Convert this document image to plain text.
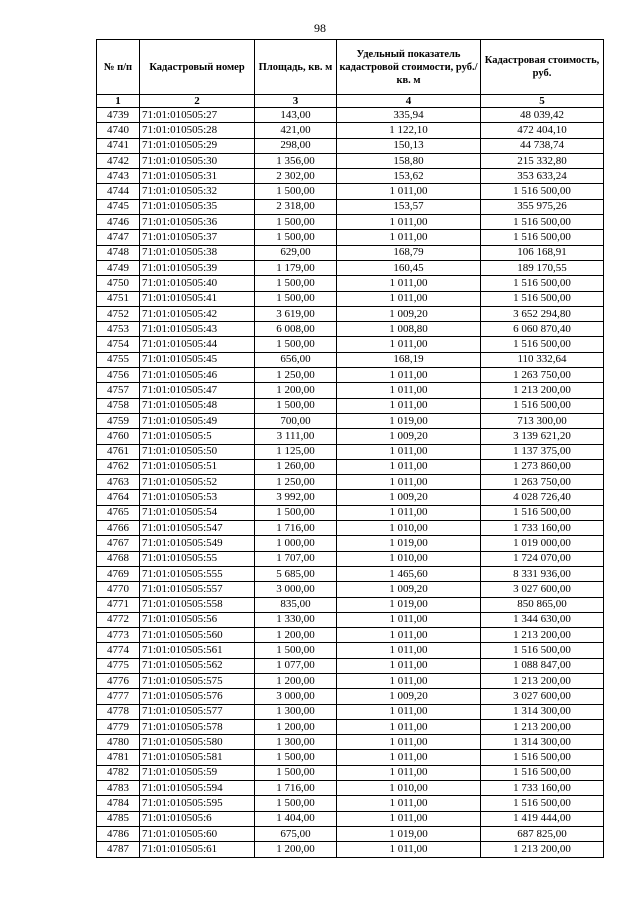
98
№ п/п	Кадастровый номер	Площадь, кв. м	Удельный показатель кадастровой стоимости, руб./кв. м	Кадастровая стоимость, руб.
1	2	3	4	5
4739	71:01:010505:27	143,00	335,94	48 039,42
4740	71:01:010505:28	421,00	1 122,10	472 404,10
4741	71:01:010505:29	298,00	150,13	44 738,74
4742	71:01:010505:30	1 356,00	158,80	215 332,80
4743	71:01:010505:31	2 302,00	153,62	353 633,24
4744	71:01:010505:32	1 500,00	1 011,00	1 516 500,00
4745	71:01:010505:35	2 318,00	153,57	355 975,26
4746	71:01:010505:36	1 500,00	1 011,00	1 516 500,00
4747	71:01:010505:37	1 500,00	1 011,00	1 516 500,00
4748	71:01:010505:38	629,00	168,79	106 168,91
4749	71:01:010505:39	1 179,00	160,45	189 170,55
4750	71:01:010505:40	1 500,00	1 011,00	1 516 500,00
4751	71:01:010505:41	1 500,00	1 011,00	1 516 500,00
4752	71:01:010505:42	3 619,00	1 009,20	3 652 294,80
4753	71:01:010505:43	6 008,00	1 008,80	6 060 870,40
4754	71:01:010505:44	1 500,00	1 011,00	1 516 500,00
4755	71:01:010505:45	656,00	168,19	110 332,64
4756	71:01:010505:46	1 250,00	1 011,00	1 263 750,00
4757	71:01:010505:47	1 200,00	1 011,00	1 213 200,00
4758	71:01:010505:48	1 500,00	1 011,00	1 516 500,00
4759	71:01:010505:49	700,00	1 019,00	713 300,00
4760	71:01:010505:5	3 111,00	1 009,20	3 139 621,20
4761	71:01:010505:50	1 125,00	1 011,00	1 137 375,00
4762	71:01:010505:51	1 260,00	1 011,00	1 273 860,00
4763	71:01:010505:52	1 250,00	1 011,00	1 263 750,00
4764	71:01:010505:53	3 992,00	1 009,20	4 028 726,40
4765	71:01:010505:54	1 500,00	1 011,00	1 516 500,00
4766	71:01:010505:547	1 716,00	1 010,00	1 733 160,00
4767	71:01:010505:549	1 000,00	1 019,00	1 019 000,00
4768	71:01:010505:55	1 707,00	1 010,00	1 724 070,00
4769	71:01:010505:555	5 685,00	1 465,60	8 331 936,00
4770	71:01:010505:557	3 000,00	1 009,20	3 027 600,00
4771	71:01:010505:558	835,00	1 019,00	850 865,00
4772	71:01:010505:56	1 330,00	1 011,00	1 344 630,00
4773	71:01:010505:560	1 200,00	1 011,00	1 213 200,00
4774	71:01:010505:561	1 500,00	1 011,00	1 516 500,00
4775	71:01:010505:562	1 077,00	1 011,00	1 088 847,00
4776	71:01:010505:575	1 200,00	1 011,00	1 213 200,00
4777	71:01:010505:576	3 000,00	1 009,20	3 027 600,00
4778	71:01:010505:577	1 300,00	1 011,00	1 314 300,00
4779	71:01:010505:578	1 200,00	1 011,00	1 213 200,00
4780	71:01:010505:580	1 300,00	1 011,00	1 314 300,00
4781	71:01:010505:581	1 500,00	1 011,00	1 516 500,00
4782	71:01:010505:59	1 500,00	1 011,00	1 516 500,00
4783	71:01:010505:594	1 716,00	1 010,00	1 733 160,00
4784	71:01:010505:595	1 500,00	1 011,00	1 516 500,00
4785	71:01:010505:6	1 404,00	1 011,00	1 419 444,00
4786	71:01:010505:60	675,00	1 019,00	687 825,00
4787	71:01:010505:61	1 200,00	1 011,00	1 213 200,00
